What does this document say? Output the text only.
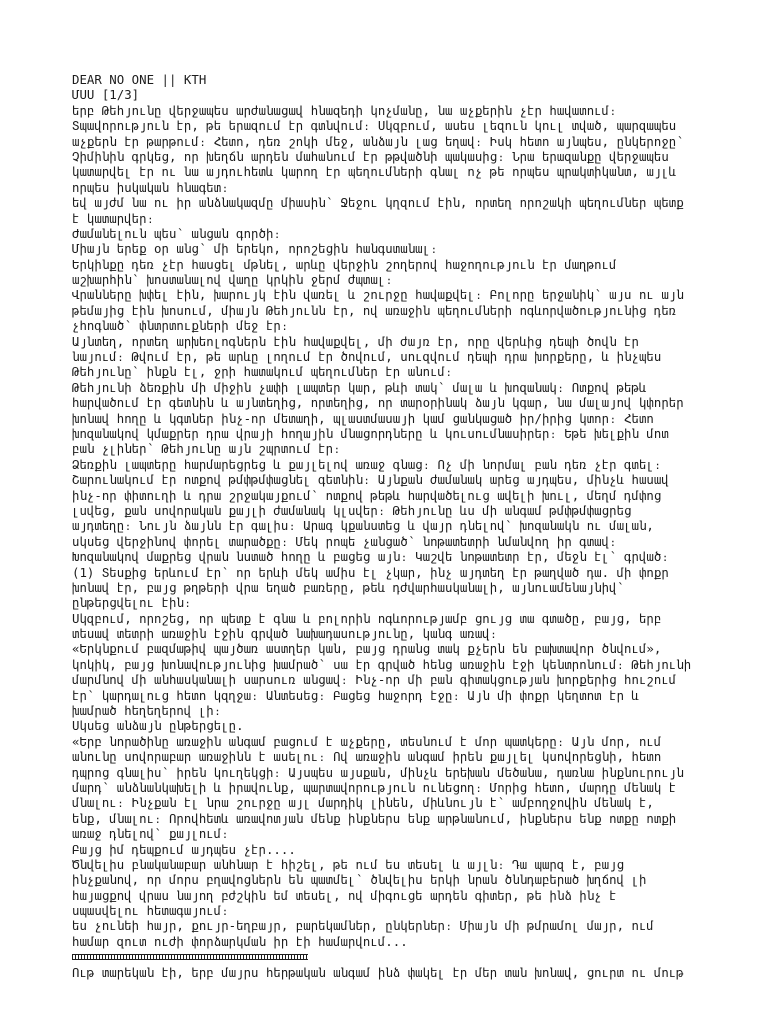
DEAR NO ONE || KTH
ՄՍՍ [1/3]
երբ Թեհյունը վերջապես արժանացավ հնազեդի կոչմանը, նա աչքերին չէր հավատում։
Տպավորություն էր, թե երազում էր գտնվում։ Սկզբում, ասես լեզուն կուլ տված, պարզապես
աչքերն էր թարթում։ Հետո, դեռ շոկի մեջ, անձայն լաց եղավ։ Իսկ հետո այնպես, ընկերոջը՝
Չիմինին գրկեց, որ խեղճն արդեն մահանում էր թթվածնի պակասից։ Նրա երազանքը վերջապես
կատարվել էր ու նա այդուհետև կարող էր պեղումների գնալ ոչ թե որպես պրակտիկանտ, այլև
որպես իսկական հնագետ։
եվ այժմ նա ու իր անձնակազմը միասին՝ Ջեջու կղզում էին, որտեղ որոշակի պեղումներ պետք
է կատարվեր։
Ժամանելուն պես՝ անցան գործի։
Միայն երեք օր անց՝ մի երեկո, որոշեցին հանգստանալ։
Երկինքը դեռ չէր հասցել մթնել, արևը վերջին շողերով հաջողություն էր մաղթում
աշխարհին՝ խոստանալով վաղը կրկին ջերմ ժպտալ։
Վրանները խփել էին, խարույկ էին վառել և շուրջը հավաքվել։ Բոլորը երջանիկ՝ այս ու այն
թեմայից էին խոսում, միայն Թեհյունն էր, ով առաջին պեղումների ոգևորվածությունից դեռ
չհոգնած՝ փնտրտուքների մեջ էր։
Այնտեղ, որտեղ արխեոլոգներն էին հավաքվել, մի ժայռ էր, որը վերևից դեպի ծովն էր
նայում։ Թվում էր, թե արևը լողում էր ծովում, սուզվում դեպի դրա խորքերը, և ինչպես
Թեհյունը՝ ինքն էլ, ջրի հատակում պեղումներ էր անում։
Թեհյունի ձեռքին մի միջին չափի լապտեր կար, թևի տակ՝ մալա և խոզանակ։ Ոտքով թեթև
հարվածում էր գետնին և այնտեղից, որտեղից, որ տարօրինակ ձայն կգար, նա մալայով կփորեր
խոնավ հողը և կգտներ ինչ-որ մետաղի, պլաստմասայի կամ ցանկացած իր/իրից կտոր։ Հետո
խոզանակով կմաքրեր դրա վրայի հողային մնացորդները և կուսումնասիրեր։ Եթե խելքին մոտ
բան չլիներ՝ Թեհյունը այն շպրտում էր։
Ձեռքին լապտերը հարմարեցրեց և քայլելով առաջ գնաց։ Ոչ մի նորմալ բան դեռ չէր գտել։
Շարունակում էր ոտքով թմփթմփացնել գետնին։ Այնքան ժամանակ արեց այդպես, մինչև հասավ
ինչ-որ փիտուղի և դրա շրջակայքում՝ ոտքով թեթև հարվածելուց ավելի խուլ, մեղմ դմփոց
լսվեց, քան սովորական քայլի ժամանակ կլսվեր։ Թեհյունը ևս մի անգամ թմփթմփացրեց
այդտեղը։ Նույն ձայնն էր գալիս։ Արագ կքանստեց և վայր դնելով՝ խոզանակն ու մալան,
սկսեց վերջինով փորել տարածքը։ Մեկ րոպե չանցած՝ նոթատետրի նմանվող իր գտավ։
Խոզանակով մաքրեց վրան նստած հողը և բացեց այն։ Կաշվե նոթատետր էր, մեջն էլ՝ գրված։
(1) Տեսքից երևում էր՝ որ երևի մեկ ամիս էլ չկար, ինչ այդտեղ էր թաղված դա. մի փոքր
խոնավ էր, բայց թղթերի վրա եղած բառերը, թեև դժվարհասկանալի, այնուամենայնիվ՝
ընթերցվելու էին։
Սկզբում, որոշեց, որ պետք է գնա և բոլորին ոգևորությամբ ցույց տա գտածը, բայց, երբ
տեսավ տետրի առաջին էջին գրված նախադասությունը, կանգ առավ։
«Երկնքում բազմաթիվ պայծառ աստղեր կան, բայց դրանց տակ քչերն են բախտավոր ծնվում»,
կոկիկ, բայց խոնավությունից խամրած՝ սա էր գրված հենց առաջին էջի կենտրոնում։ Թեհյունի
մարմնով մի անհասկանալի սարսուռ անցավ։ Ինչ-որ մի բան գիտակցության խորքերից հուշում
էր՝ կարդալուց հետո կզղջա։ Անտեսեց։ Բացեց հաջորդ էջը։ Այն մի փոքր կեղտոտ էր և
խամրած հեղեղերով լի։
Սկսեց անձայն ընթերցելը.
«Երբ նորածինը առաջին անգամ բացում է աչքերը, տեսնում է մոր պատկերը։ Այն մոր, ում
անունը սովորաբար առաջինն է ասելու։ Ով առաջին անգամ իրեն քայլել կսովորեցնի, հետո
դպրոց գնալիս՝ իրեն կուղեկցի։ Այսպես այսքան, մինչև երեխան մեծանա, դառնա ինքնուրույն
մարդ՝ անձնանկախելի և իրավունք, պարտավորություն ունեցող։ Մորից հետո, մարդը մենակ է
մնալու։ Ինչքան էլ նրա շուրջը այլ մարդիկ լինեն, միևնույն է՝ ամբողջովին մենակ է,
ենք, մնալու։ Որովհետև առավոտյան մենք ինքներս ենք արթնանում, ինքներս ենք ոտքը ոտքի
առաջ դնելով՝ քայլում։
Բայց իմ դեպքում այդպես չէր....
Ծնվելիս բնականաբար անհնար է հիշել, թե ում ես տեսել և այլն։ Դա պարզ է, բայց
ինչքանով, որ մորս բղավոցներն են պատմել՝ ծնվելիս երկի նրան ծննդաբերած խղճով լի
հայացքով վրաս նայող բժշկին եմ տեսել, ով միգուցե արդեն գիտեր, թե ինձ ինչ է
սպասվելու հետագայում։
ես չունեի հայր, քույր-եղբայր, բարեկամներ, ընկերներ։ Միայն մի թմրամոլ մայր, ում
համար զուտ ուժի փորձարկման իր էի համարվում...
Ութ տարեկան էի, երբ մայրս հերթական անգամ ինձ փակել էր մեր տան խոնավ, ցուրտ ու մութ
